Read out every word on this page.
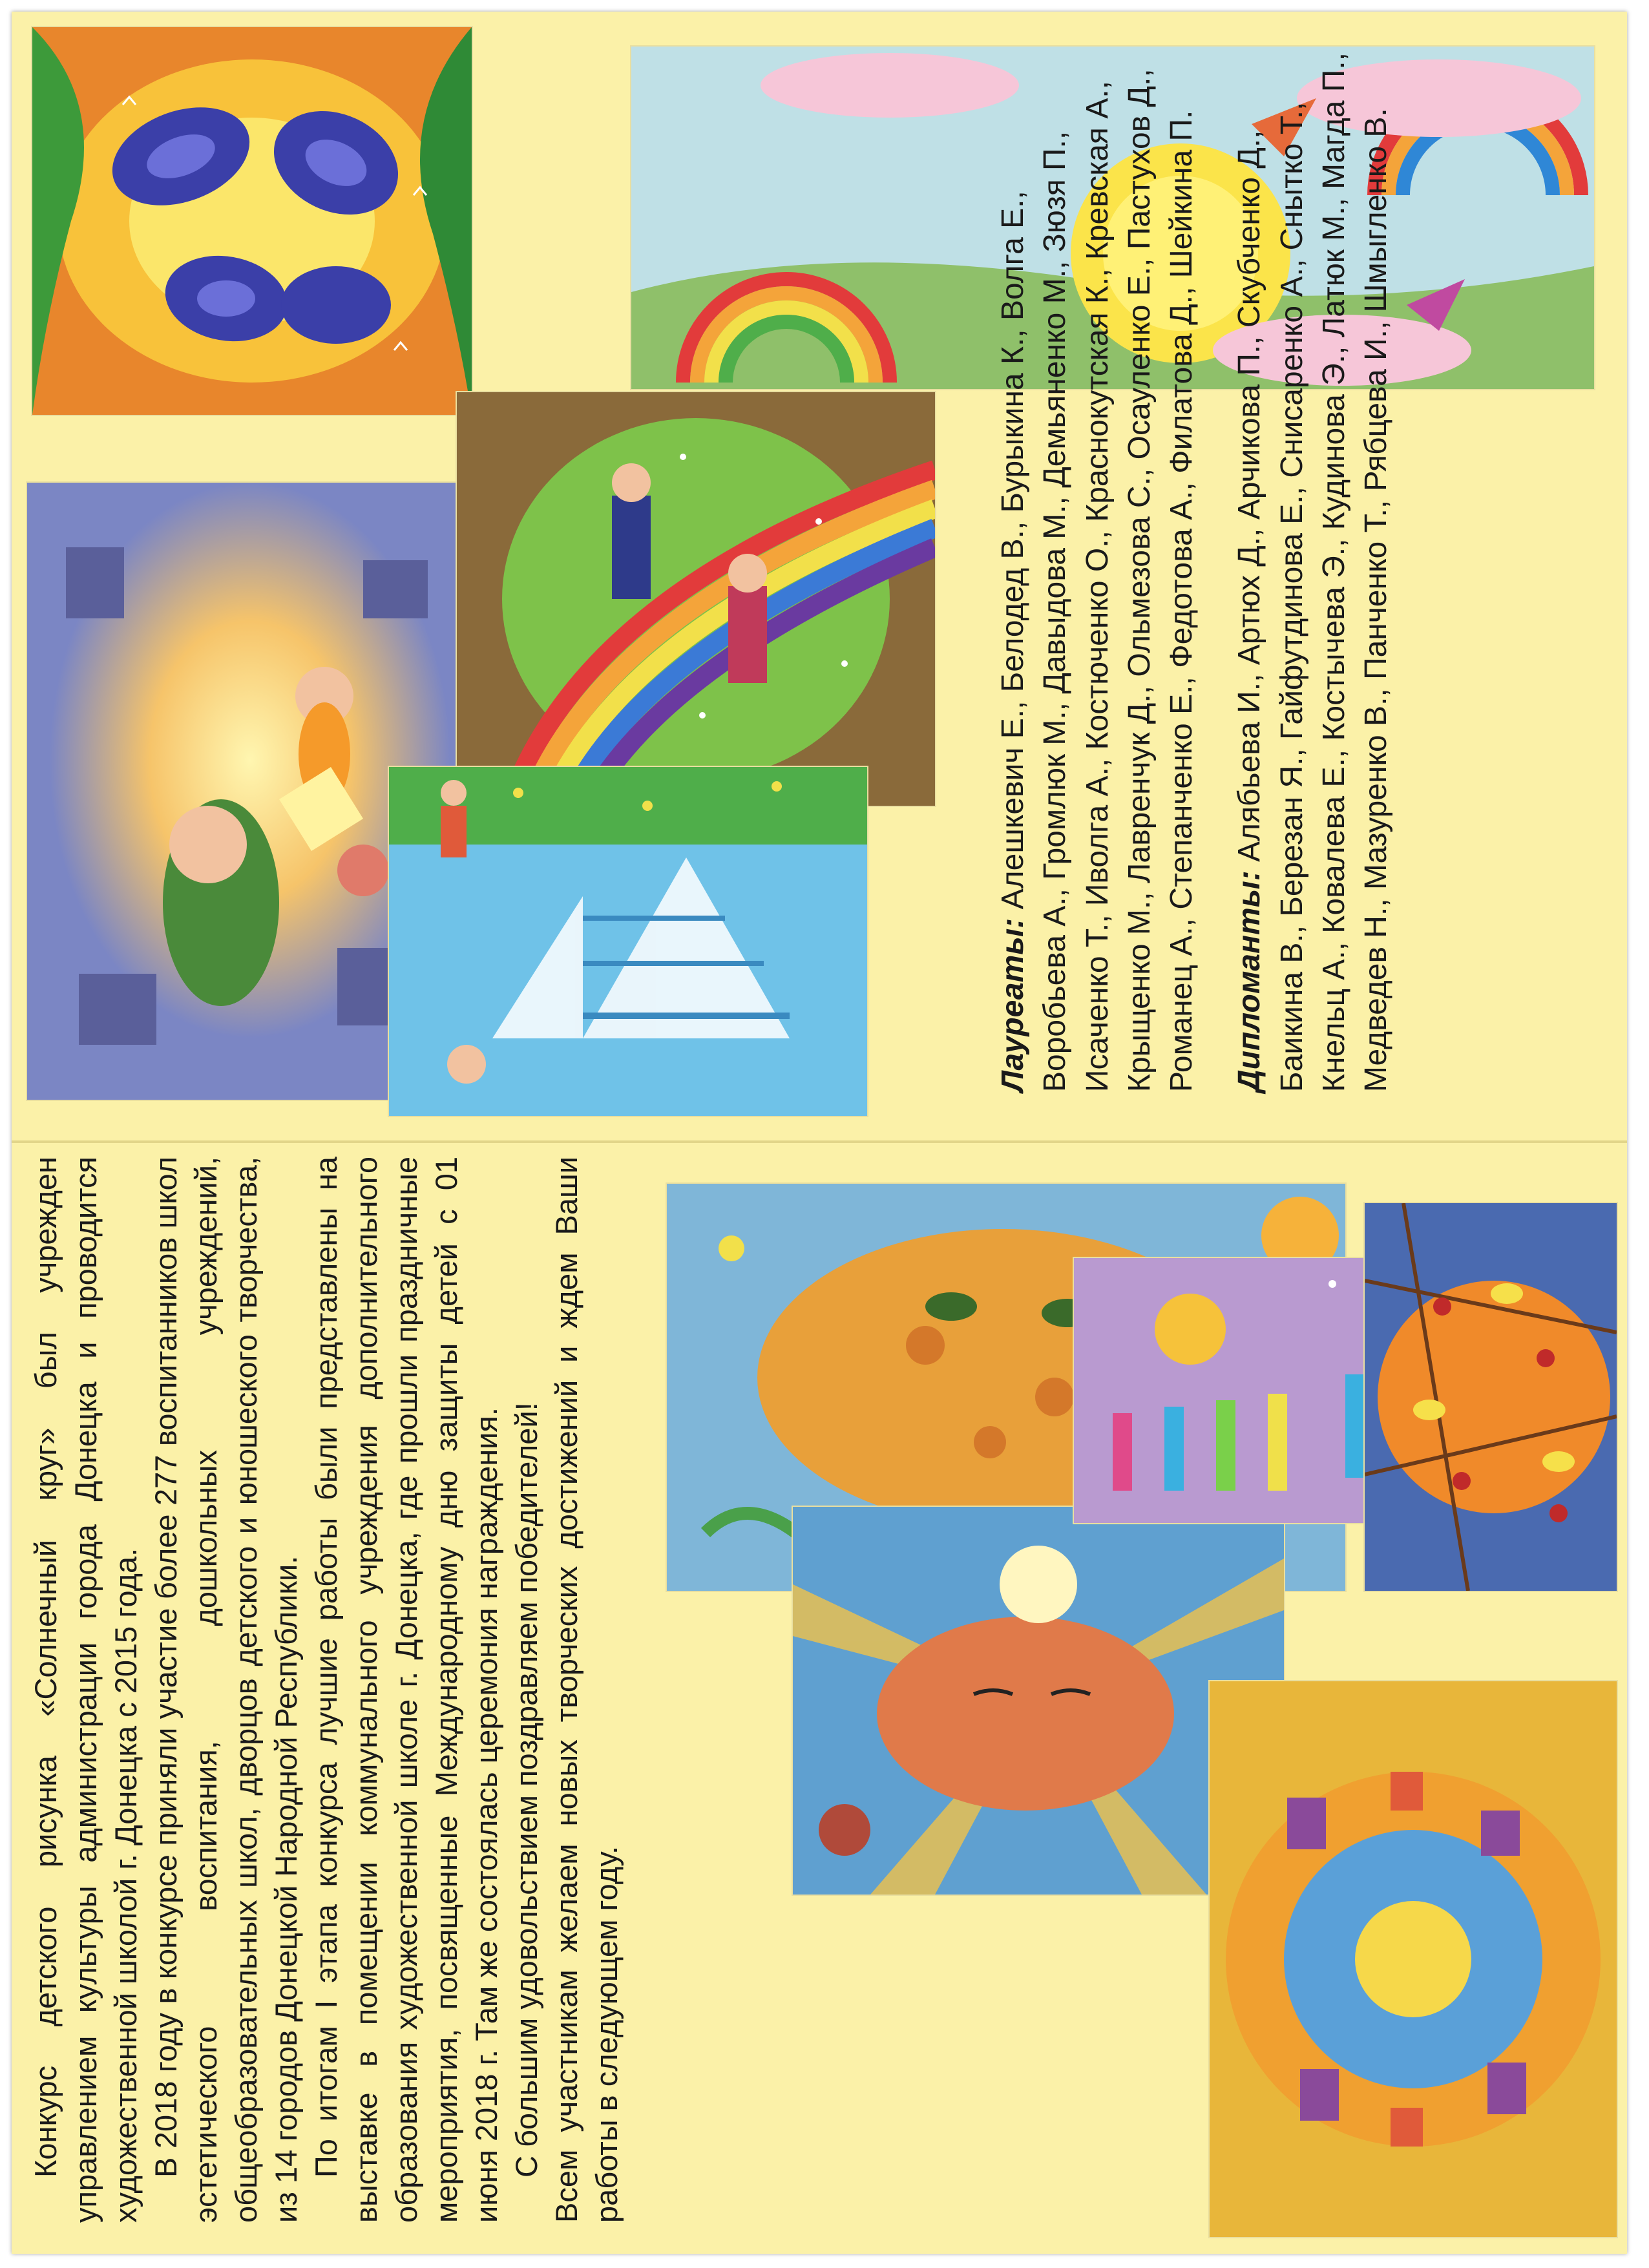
Конкурс детского рисунка «Солнечный круг» был учрежден управлением культуры администрации города Донецка и проводится художественной школой г. Донецка с 2015 года. В 2018 году в конкурсе приняли участие более 277 воспитанников школ эстетического воспитания, дошкольных учреждений, общеобразовательных школ, дворцов детского и юношеского творчества, из 14 городов Донецкой Народной Республики. По итогам I этапа конкурса лучшие работы были представлены на выставке в помещении коммунального учреждения дополнительного образования художественной школе г. Донецка, где прошли праздничные мероприятия, посвященные Международному дню защиты детей с 01 июня 2018 г. Там же состоялась церемония награждения. С большим удовольствием поздравляем победителей! Всем участникам желаем новых творческих достижений и ждем Ваши работы в следующем году.

Лауреаты: Алешкевич Е., Белодед В., Бурыкина К., Волга Е., Воробьева А., Громлюк М., Давыдова М., Демьяненко М., Зюзя П., Исаченко Т., Иволга А., Костюченко О., Краснокутская К., Кревская А., Крыщенко М., Лавренчук Д., Ольмезова С., Осауленко Е., Пастухов Д., Романец А., Степанченко Е., Федотова А., Филатова Д., Шейкина П. Дипломанты: Алябьева И., Артюх Д., Арчикова П., Скубченко Д., Баикина В., Березан Я., Гайфутдинова Е., Снисаренко А., Снытко Т., Кнельц А., Ковалева Е., Костычева Э., Кудинова Э., Латюк М., Магда П., Медведев Н., Мазуренко В., Панченко Т., Рябцева И., Шмыгленко В.
